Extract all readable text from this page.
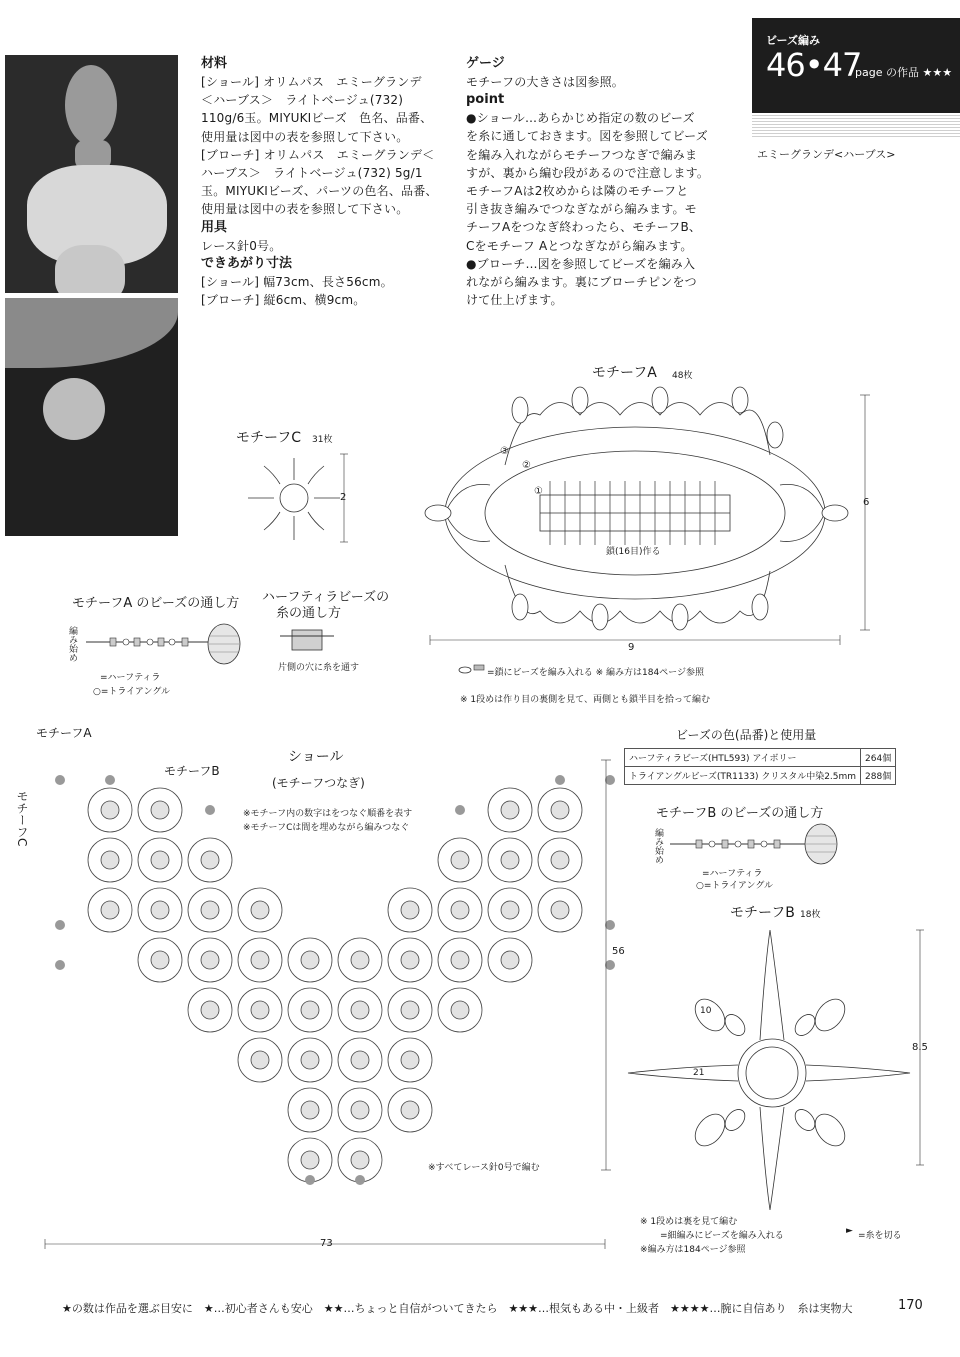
材料
[ショール] オリムパス　エミーグランデ
＜ハーブス＞　ライトベージュ(732)
110g/6玉。MIYUKIビーズ　色名、品番、
使用量は図中の表を参照して下さい。
[ブローチ] オリムパス　エミーグランデ＜
ハーブス＞　ライトベージュ(732) 5g/1
玉。MIYUKIビーズ、パーツの色名、品番、
使用量は図中の表を参照して下さい。
用具
レース針0号。
できあがり寸法
[ショール] 幅73cm、長さ56cm。
[ブローチ] 縦6cm、横9cm。
ゲージ
モチーフの大きさは図参照。
point
●ショール…あらかじめ指定の数のビーズ
を糸に通しておきます。図を参照してビーズ
を編み入れながらモチーフつなぎで編みま
すが、裏から編む段があるので注意します。
モチーフAは2枚めからは隣のモチーフと
引き抜き編みでつなぎながら編みます。モ
チーフAをつなぎ終わったら、モチーフB、
Cをモチーフ Aとつなぎながら編みます。
●ブローチ…図を参照してビーズを編み入
れながら編みます。裏にブローチピンをつ
けて仕上げます。
ビーズ編み
46•47
page の作品 ★★★
エミーグランデ<ハーブス>
モチーフA 48枚
6
9
鎖(16目)作る
①
②
③
=鎖にビーズを編み入れる ※ 編み方は184ページ参照
※ 1段めは作り目の裏側を見て、両側とも鎖半目を拾って編む
モチーフC 31枚
2
モチーフA のビーズの通し方
編み始め
=ハーフティラ
○=トライアングル
ハーフティラビーズの
糸の通し方
片側の穴に糸を通す
モチーフA
モチーフB
モチーフC
ショール
(モチーフつなぎ)
※モチーフ内の数字はをつなぐ順番を表す
※モチーフCは間を埋めながら編みつなぐ
73
56
※すべてレース針0号で編む
ビーズの色(品番)と使用量
ハーフティラビーズ(HTL593) アイボリー	264個
トライアングルビーズ(TR1133) クリスタル中染2.5mm	288個
モチーフB のビーズの通し方
編み始め
=ハーフティラ
○=トライアングル
モチーフB 18枚
8.5
10
21
※ 1段めは裏を見て編む
=細編みにビーズを編み入れる
※編み方は184ページ参照
► =糸を切る
★の数は作品を選ぶ目安に　★…初心者さんも安心　★★…ちょっと自信がついてきたら　★★★…根気もある中・上級者　★★★★…腕に自信あり　糸は実物大	170
